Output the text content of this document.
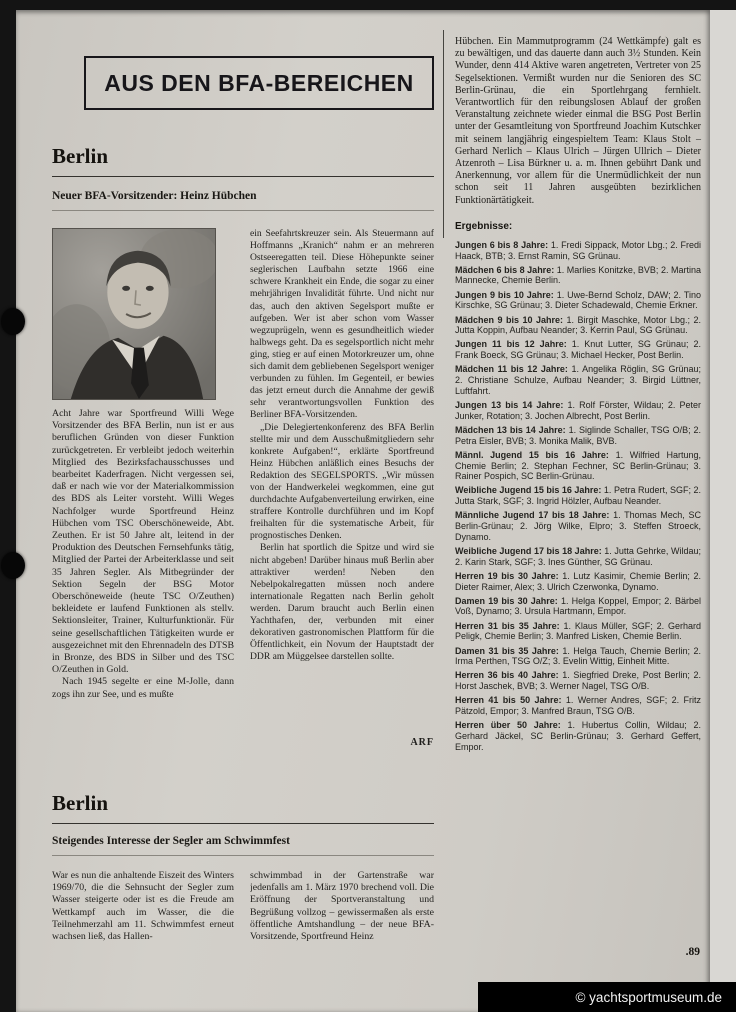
AUS DEN BFA-BEREICHEN
Berlin
Neuer BFA-Vorsitzender: Heinz Hübchen

Acht Jahre war Sportfreund Willi Wege Vorsitzender des BFA Berlin, nun ist er aus beruflichen Gründen von dieser Funktion zurückgetreten. Er verbleibt jedoch weiterhin Mitglied des Bezirksfachausschusses und bearbeitet Kaderfragen. Nicht vergessen sei, daß er nach wie vor der Materialkommission des BDS als Leiter vorsteht. Willi Weges Nachfolger wurde Sportfreund Heinz Hübchen vom TSC Oberschöneweide, Abt. Zeuthen. Er ist 50 Jahre alt, leitend in der Produktion des Deutschen Fernsehfunks tätig, Mitglied der Partei der Arbeiterklasse und seit 35 Jahren Segler. Als Mitbegründer der Sektion Segeln der BSG Motor Oberschöneweide (heute TSC O/Zeuthen) bekleidete er laufend Funktionen als stellv. Sektionsleiter, Trainer, Kulturfunktionär. Für seine gesellschaftlichen Tätigkeiten wurde er ausgezeichnet mit den Ehrennadeln des DTSB in Bronze, des BDS in Silber und des TSC O/Zeuthen in Gold.

Nach 1945 segelte er eine M-Jolle, dann zogs ihn zur See, und es mußte

ein Seefahrtskreuzer sein. Als Steuermann auf Hoffmanns „Kranich“ nahm er an mehreren Ostseeregatten teil. Diese Höhepunkte seiner seglerischen Laufbahn setzte 1966 eine schwere Krankheit ein Ende, die sogar zu einer mehrjährigen Invalidität führte. Und nicht nur das, auch den aktiven Segelsport mußte er aufgeben. Wer ist aber schon vom Wasser wegzuprügeln, wenn es gesundheitlich wieder halbwegs geht. Da es segelsportlich nicht mehr ging, stieg er auf einen Motorkreuzer um, ohne sich damit dem gebliebenen Segelsport weniger verbunden zu fühlen. Im Gegenteil, er bewies das jetzt erneut durch die Annahme der gewiß sehr verantwortungsvollen Funktion des Berliner BFA-Vorsitzenden.

„Die Delegiertenkonferenz des BFA Berlin stellte mir und dem Ausschußmitgliedern sehr konkrete Aufgaben!“, erklärte Sportfreund Heinz Hübchen anläßlich eines Besuchs der Redaktion des SEGELSPORTS. „Wir müssen von der Handwerkelei wegkommen, eine gut durchdachte Aufgabenverteilung erwirken, eine straffere Kontrolle durchführen und im Kopf freihalten für die systematische Arbeit, für prognostisches Denken.

Berlin hat sportlich die Spitze und wird sie nicht abgeben! Darüber hinaus muß Berlin aber attraktiver werden! Neben den Nebelpokalregatten müssen noch andere internationale Regatten nach Berlin geholt werden. Darum braucht auch Berlin einen Yachthafen, der, verbunden mit einer dekorativen gastronomischen Plattform für die Öffentlichkeit, ein Novum der Hauptstadt der DDR am Müggelsee darstellen sollte.

ARF
Berlin
Steigendes Interesse der Segler am Schwimmfest

War es nun die anhaltende Eiszeit des Winters 1969/70, die die Sehnsucht der Segler zum Wasser steigerte oder ist es die Freude am Wettkampf auch im Wasser, die die Teilnehmerzahl am 11. Schwimmfest erneut wachsen ließ, das Hallen-

schwimmbad in der Gartenstraße war jedenfalls am 1. März 1970 brechend voll. Die Eröffnung der Sportveranstaltung und Begrüßung vollzog – gewissermaßen als erste öffentliche Amtshandlung – der neue BFA-Vorsitzende, Sportfreund Heinz

Hübchen. Ein Mammutprogramm (24 Wettkämpfe) galt es zu bewältigen, und das dauerte dann auch 3½ Stunden. Kein Wunder, denn 414 Aktive waren angetreten, Vertreter von 25 Segelsektionen. Vermißt wurden nur die Senioren des SC Berlin-Grünau, die ein Sportlehrgang fernhielt. Verantwortlich für den reibungslosen Ablauf der großen Veranstaltung zeichnete wieder einmal die BSG Post Berlin unter der Gesamtleitung von Sportfreund Joachim Kutschker mit seinem langjährig eingespieltem Team: Klaus Stolt – Gerhard Nerlich – Klaus Ulrich – Jürgen Ullrich – Dieter Atzenroth – Lisa Bürkner u. a. m. Ihnen gebührt Dank und Anerkennung, vor allem für die Unermüdlichkeit der nun schon seit 11 Jahren ausgeübten bezirklichen Funktionärtätigkeit.
Ergebnisse:

Jungen 6 bis 8 Jahre: 1. Fredi Sippack, Motor Lbg.; 2. Fredi Haack, BTB; 3. Ernst Ramin, SG Grünau.

Mädchen 6 bis 8 Jahre: 1. Marlies Konitzke, BVB; 2. Martina Mannecke, Chemie Berlin.

Jungen 9 bis 10 Jahre: 1. Uwe-Bernd Scholz, DAW; 2. Tino Kirschke, SG Grünau; 3. Dieter Schadewald, Chemie Erkner.

Mädchen 9 bis 10 Jahre: 1. Birgit Maschke, Motor Lbg.; 2. Jutta Koppin, Aufbau Neander; 3. Kerrin Paul, SG Grünau.

Jungen 11 bis 12 Jahre: 1. Knut Lutter, SG Grünau; 2. Frank Boeck, SG Grünau; 3. Michael Hecker, Post Berlin.

Mädchen 11 bis 12 Jahre: 1. Angelika Röglin, SG Grünau; 2. Christiane Schulze, Aufbau Neander; 3. Birgid Lüttner, Luftfahrt.

Jungen 13 bis 14 Jahre: 1. Rolf Förster, Wildau; 2. Peter Junker, Rotation; 3. Jochen Albrecht, Post Berlin.

Mädchen 13 bis 14 Jahre: 1. Siglinde Schaller, TSG O/B; 2. Petra Eisler, BVB; 3. Monika Malik, BVB.

Männl. Jugend 15 bis 16 Jahre: 1. Wilfried Hartung, Chemie Berlin; 2. Stephan Fechner, SC Berlin-Grünau; 3. Rainer Pospich, SC Berlin-Grünau.

Weibliche Jugend 15 bis 16 Jahre: 1. Petra Rudert, SGF; 2. Jutta Stark, SGF; 3. Ingrid Hölzler, Aufbau Neander.

Männliche Jugend 17 bis 18 Jahre: 1. Thomas Mech, SC Berlin-Grünau; 2. Jörg Wilke, Elpro; 3. Steffen Stroeck, Dynamo.

Weibliche Jugend 17 bis 18 Jahre: 1. Jutta Gehrke, Wildau; 2. Karin Stark, SGF; 3. Ines Günther, SG Grünau.

Herren 19 bis 30 Jahre: 1. Lutz Kasimir, Chemie Berlin; 2. Dieter Raimer, Alex; 3. Ulrich Czerwonka, Dynamo.

Damen 19 bis 30 Jahre: 1. Helga Koppel, Empor; 2. Bärbel Voß, Dynamo; 3. Ursula Hartmann, Empor.

Herren 31 bis 35 Jahre: 1. Klaus Müller, SGF; 2. Gerhard Peligk, Chemie Berlin; 3. Manfred Lisken, Chemie Berlin.

Damen 31 bis 35 Jahre: 1. Helga Tauch, Chemie Berlin; 2. Irma Perthen, TSG O/Z; 3. Evelin Wittig, Einheit Mitte.

Herren 36 bis 40 Jahre: 1. Siegfried Dreke, Post Berlin; 2. Horst Jaschek, BVB; 3. Werner Nagel, TSG O/B.

Herren 41 bis 50 Jahre: 1. Werner Andres, SGF; 2. Fritz Pätzold, Empor; 3. Manfred Braun, TSG O/B.

Herren über 50 Jahre: 1. Hubertus Collin, Wildau; 2. Gerhard Jäckel, SC Berlin-Grünau; 3. Gerhard Geffert, Empor.

.89
© yachtsportmuseum.de
